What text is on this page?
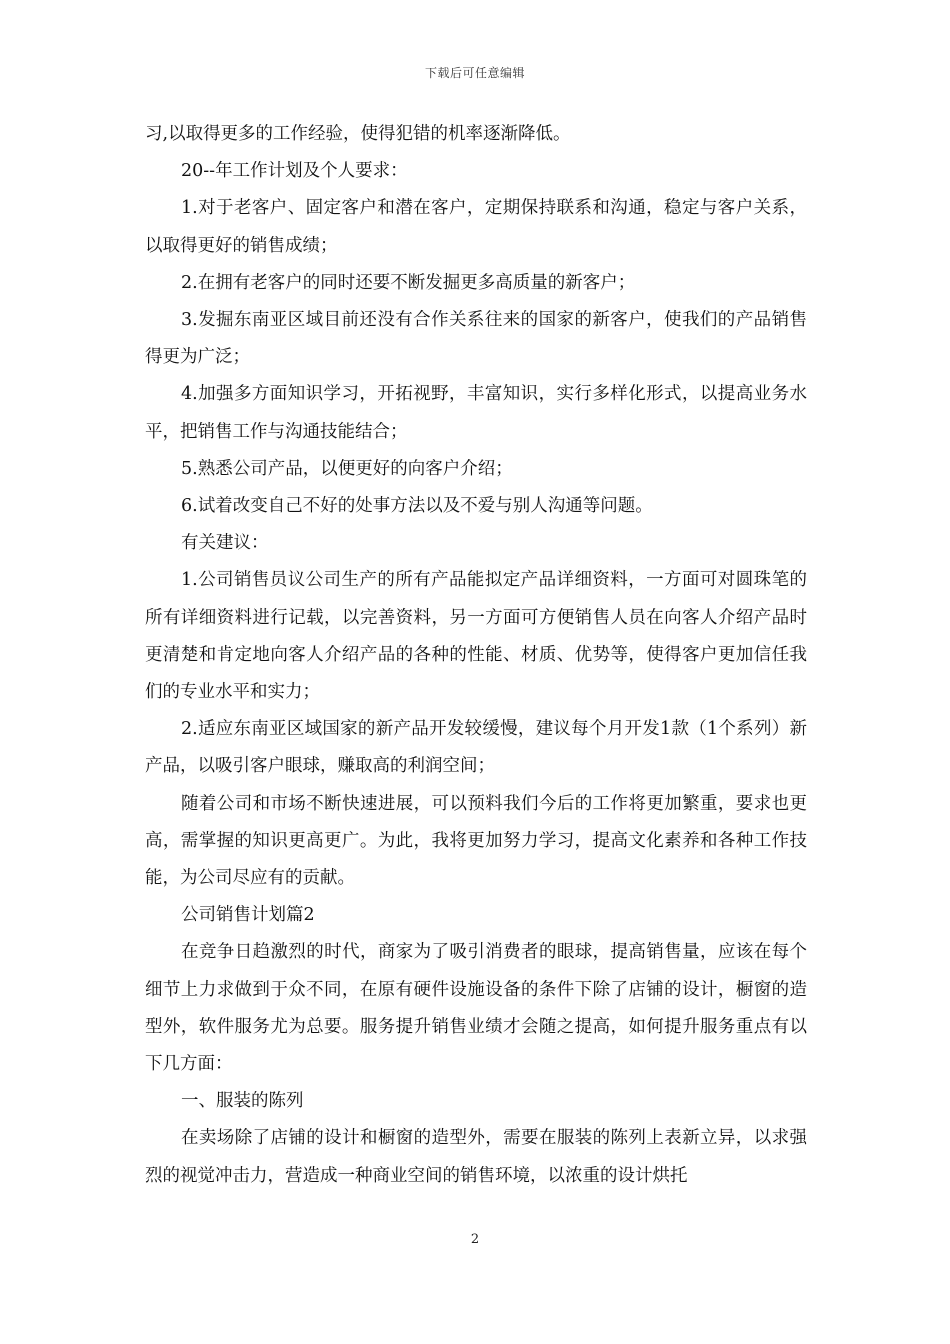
下载后可任意编辑

习,以取得更多的工作经验，使得犯错的机率逐渐降低。

20--年工作计划及个人要求：

1.对于老客户、固定客户和潜在客户，定期保持联系和沟通，稳定与客户关系，以取得更好的销售成绩；

2.在拥有老客户的同时还要不断发掘更多高质量的新客户；

3.发掘东南亚区域目前还没有合作关系往来的国家的新客户，使我们的产品销售得更为广泛；

4.加强多方面知识学习，开拓视野，丰富知识，实行多样化形式，以提高业务水平，把销售工作与沟通技能结合；

5.熟悉公司产品，以便更好的向客户介绍；

6.试着改变自己不好的处事方法以及不爱与别人沟通等问题。

有关建议：

1.公司销售员议公司生产的所有产品能拟定产品详细资料，一方面可对圆珠笔的所有详细资料进行记载，以完善资料，另一方面可方便销售人员在向客人介绍产品时更清楚和肯定地向客人介绍产品的各种的性能、材质、优势等，使得客户更加信任我们的专业水平和实力；

2.适应东南亚区域国家的新产品开发较缓慢，建议每个月开发1款（1个系列）新产品，以吸引客户眼球，赚取高的利润空间；

随着公司和市场不断快速进展，可以预料我们今后的工作将更加繁重，要求也更高，需掌握的知识更高更广。为此，我将更加努力学习，提高文化素养和各种工作技能，为公司尽应有的贡献。

公司销售计划篇2

在竞争日趋激烈的时代，商家为了吸引消费者的眼球，提高销售量，应该在每个细节上力求做到于众不同，在原有硬件设施设备的条件下除了店铺的设计，橱窗的造型外，软件服务尤为总要。服务提升销售业绩才会随之提高，如何提升服务重点有以下几方面：

一、服装的陈列

在卖场除了店铺的设计和橱窗的造型外，需要在服装的陈列上表新立异，以求强烈的视觉冲击力，营造成一种商业空间的销售环境，以浓重的设计烘托

2
